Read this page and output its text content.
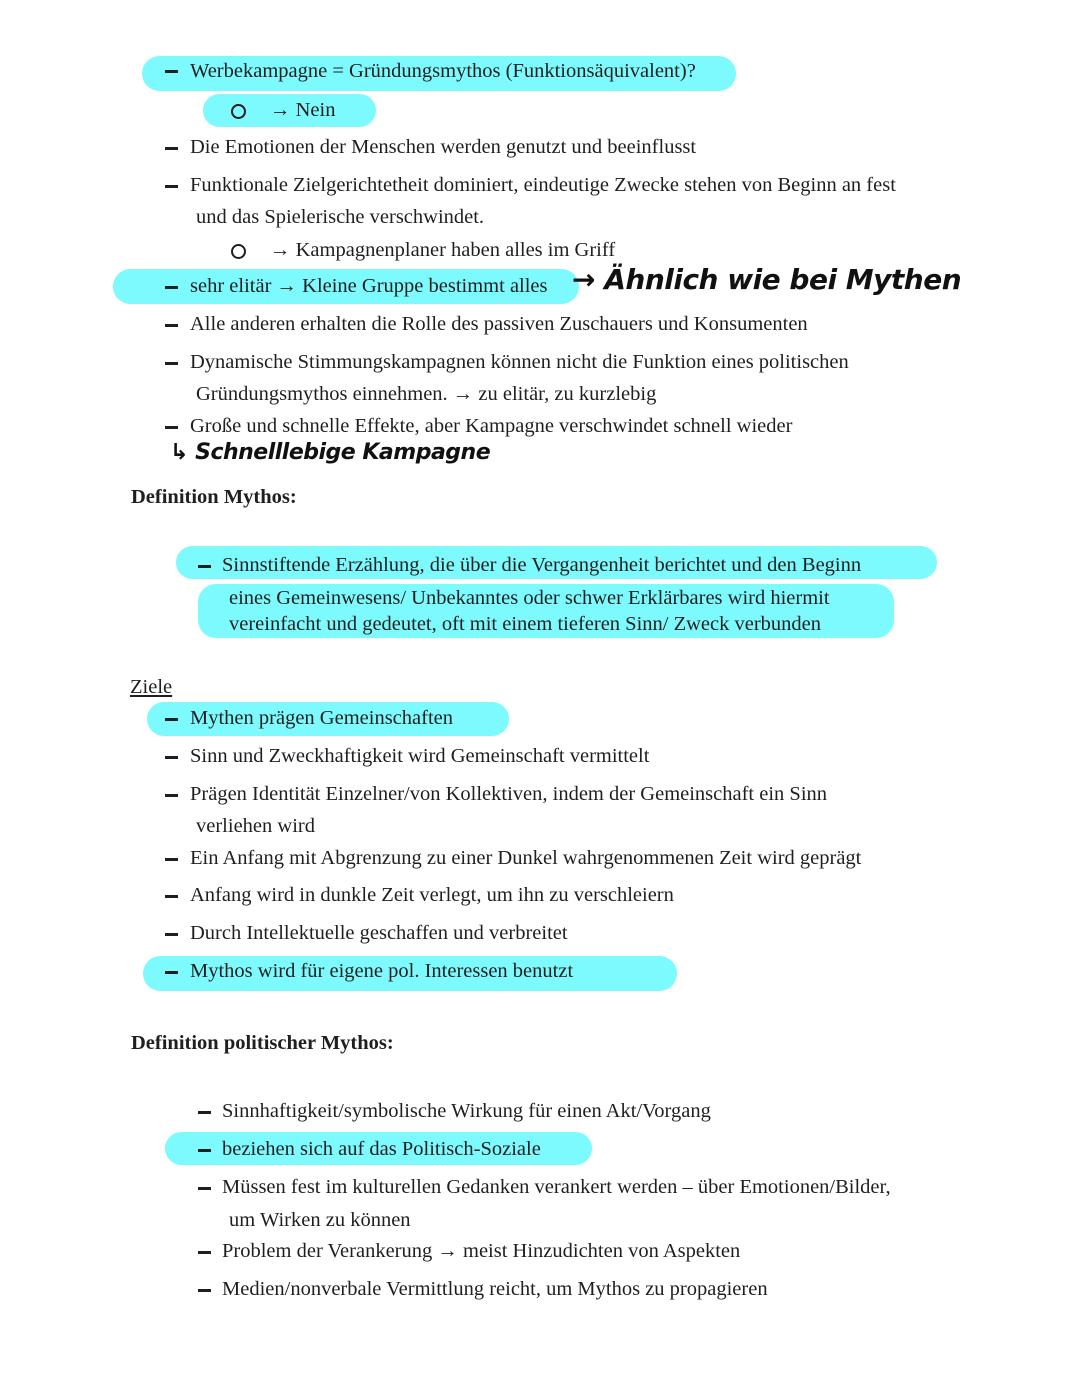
Werbekampagne = Gründungsmythos (Funktionsäquivalent)?
→ Nein
Die Emotionen der Menschen werden genutzt und beeinflusst
Funktionale Zielgerichtetheit dominiert, eindeutige Zwecke stehen von Beginn an fest
und das Spielerische verschwindet.
→ Kampagnenplaner haben alles im Griff
sehr elitär → Kleine Gruppe bestimmt alles → Ähnlich wie bei Mythen
Alle anderen erhalten die Rolle des passiven Zuschauers und Konsumenten
Dynamische Stimmungskampagnen können nicht die Funktion eines politischen
Gründungsmythos einnehmen. → zu elitär, zu kurzlebig
Große und schnelle Effekte, aber Kampagne verschwindet schnell wieder
↳ Schnelllebige Kampagne
Definition Mythos:
Sinnstiftende Erzählung, die über die Vergangenheit berichtet und den Beginn
eines Gemeinwesens/ Unbekanntes oder schwer Erklärbares wird hiermit
vereinfacht und gedeutet, oft mit einem tieferen Sinn/ Zweck verbunden
Ziele
Mythen prägen Gemeinschaften
Sinn und Zweckhaftigkeit wird Gemeinschaft vermittelt
Prägen Identität Einzelner/von Kollektiven, indem der Gemeinschaft ein Sinn
verliehen wird
Ein Anfang mit Abgrenzung zu einer Dunkel wahrgenommenen Zeit wird geprägt
Anfang wird in dunkle Zeit verlegt, um ihn zu verschleiern
Durch Intellektuelle geschaffen und verbreitet
Mythos wird für eigene pol. Interessen benutzt
Definition politischer Mythos:
Sinnhaftigkeit/symbolische Wirkung für einen Akt/Vorgang
beziehen sich auf das Politisch-Soziale
Müssen fest im kulturellen Gedanken verankert werden – über Emotionen/Bilder,
um Wirken zu können
Problem der Verankerung → meist Hinzudichten von Aspekten
Medien/nonverbale Vermittlung reicht, um Mythos zu propagieren
